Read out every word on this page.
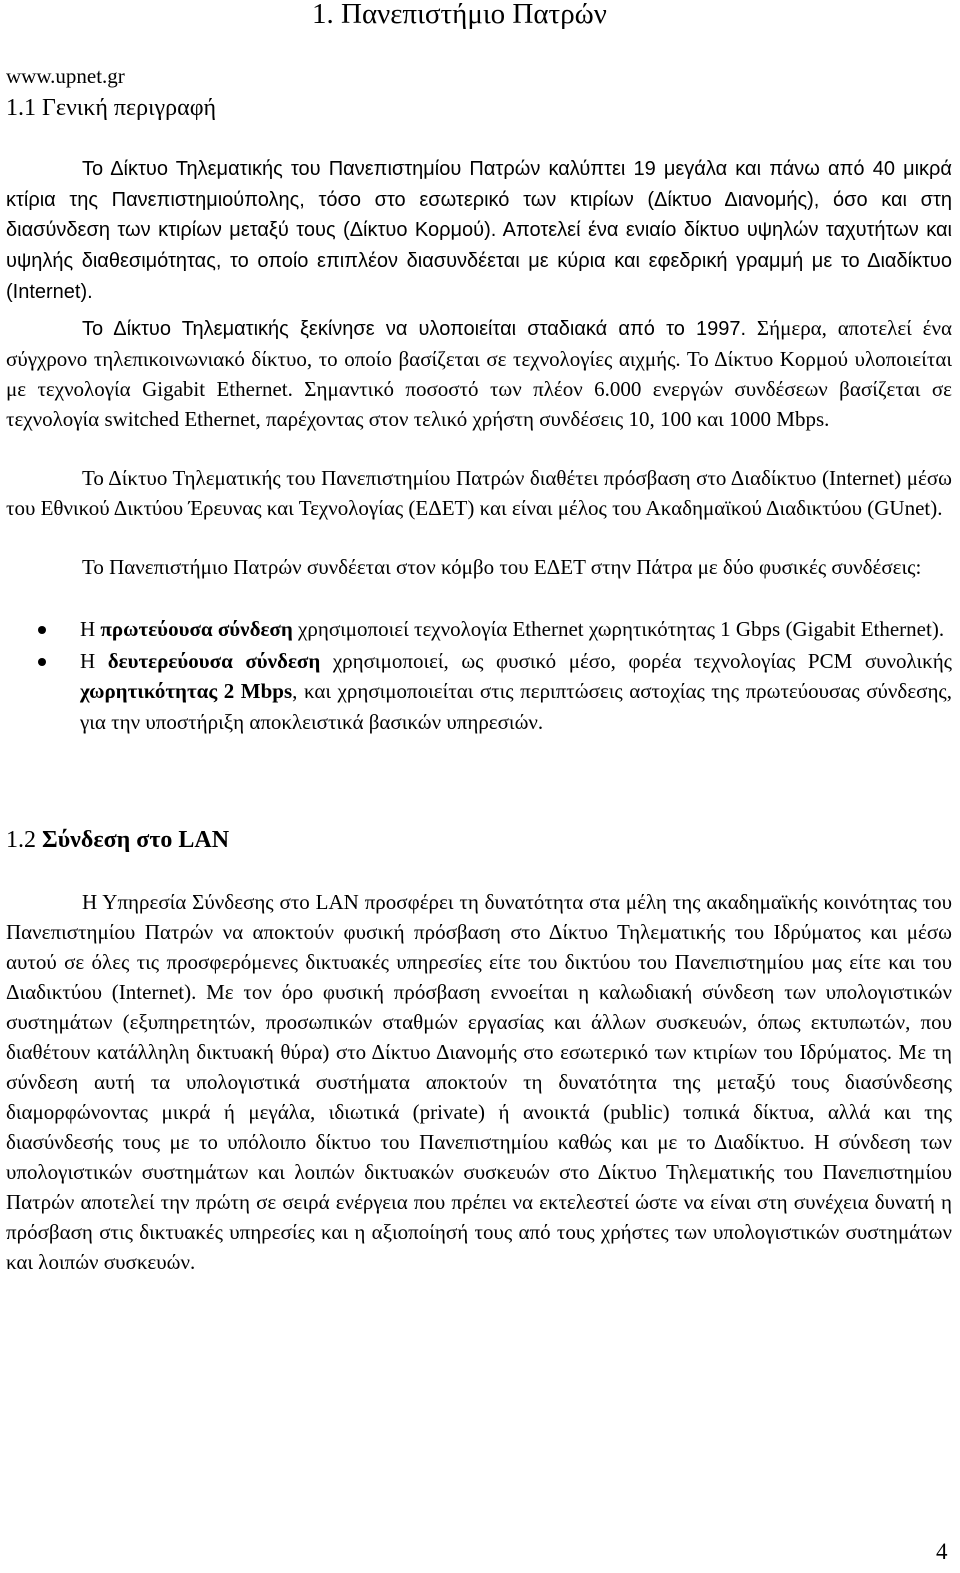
1. Πανεπιστήμιο Πατρών
www.upnet.gr
1.1 Γενική περιγραφή
Το Δίκτυο Τηλεματικής του Πανεπιστημίου Πατρών καλύπτει 19 μεγάλα και πάνω από 40 μικρά κτίρια της Πανεπιστημιούπολης, τόσο στο εσωτερικό των κτιρίων (Δίκτυο Διανομής), όσο και στη διασύνδεση των κτιρίων μεταξύ τους (Δίκτυο Κορμού). Αποτελεί ένα ενιαίο δίκτυο υψηλών ταχυτήτων και υψηλής διαθεσιμότητας, το οποίο επιπλέον διασυνδέεται με κύρια και εφεδρική γραμμή με το Διαδίκτυο (Internet).
Το Δίκτυο Τηλεματικής ξεκίνησε να υλοποιείται σταδιακά από το 1997. Σήμερα, αποτελεί ένα σύγχρονο τηλεπικοινωνιακό δίκτυο, το οποίο βασίζεται σε τεχνολογίες αιχμής. Το Δίκτυο Κορμού υλοποιείται με τεχνολογία Gigabit Ethernet. Σημαντικό ποσοστό των πλέον 6.000 ενεργών συνδέσεων βασίζεται σε τεχνολογία switched Ethernet, παρέχοντας στον τελικό χρήστη συνδέσεις 10, 100 και 1000 Mbps.
Το Δίκτυο Τηλεματικής του Πανεπιστημίου Πατρών διαθέτει πρόσβαση στο Διαδίκτυο (Internet) μέσω του Εθνικού Δικτύου Έρευνας και Τεχνολογίας (ΕΔΕΤ) και είναι μέλος του Ακαδημαϊκού Διαδικτύου (GUnet).
Το Πανεπιστήμιο Πατρών συνδέεται στον κόμβο του ΕΔΕΤ στην Πάτρα με δύο φυσικές συνδέσεις:
Η πρωτεύουσα σύνδεση χρησιμοποιεί τεχνολογία Ethernet χωρητικότητας 1 Gbps (Gigabit Ethernet).
Η δευτερεύουσα σύνδεση χρησιμοποιεί, ως φυσικό μέσο, φορέα τεχνολογίας PCM συνολικής χωρητικότητας 2 Mbps, και χρησιμοποιείται στις περιπτώσεις αστοχίας της πρωτεύουσας σύνδεσης, για την υποστήριξη αποκλειστικά βασικών υπηρεσιών.
1.2 Σύνδεση στο LAN
Η Υπηρεσία Σύνδεσης στο LAN προσφέρει τη δυνατότητα στα μέλη της ακαδημαϊκής κοινότητας του Πανεπιστημίου Πατρών να αποκτούν φυσική πρόσβαση στο Δίκτυο Τηλεματικής του Ιδρύματος και μέσω αυτού σε όλες τις προσφερόμενες δικτυακές υπηρεσίες είτε του δικτύου του Πανεπιστημίου μας είτε και του Διαδικτύου (Internet). Με τον όρο φυσική πρόσβαση εννοείται η καλωδιακή σύνδεση των υπολογιστικών συστημάτων (εξυπηρετητών, προσωπικών σταθμών εργασίας και άλλων συσκευών, όπως εκτυπωτών, που διαθέτουν κατάλληλη δικτυακή θύρα) στο Δίκτυο Διανομής στο εσωτερικό των κτιρίων του Ιδρύματος. Με τη σύνδεση αυτή τα υπολογιστικά συστήματα αποκτούν τη δυνατότητα της μεταξύ τους διασύνδεσης διαμορφώνοντας μικρά ή μεγάλα, ιδιωτικά (private) ή ανοικτά (public) τοπικά δίκτυα, αλλά και της διασύνδεσής τους με το υπόλοιπο δίκτυο του Πανεπιστημίου καθώς και με το Διαδίκτυο. Η σύνδεση των υπολογιστικών συστημάτων και λοιπών δικτυακών συσκευών στο Δίκτυο Τηλεματικής του Πανεπιστημίου Πατρών αποτελεί την πρώτη σε σειρά ενέργεια που πρέπει να εκτελεστεί ώστε να είναι στη συνέχεια δυνατή η πρόσβαση στις δικτυακές υπηρεσίες και η αξιοποίησή τους από τους χρήστες των υπολογιστικών συστημάτων και λοιπών συσκευών.
4
